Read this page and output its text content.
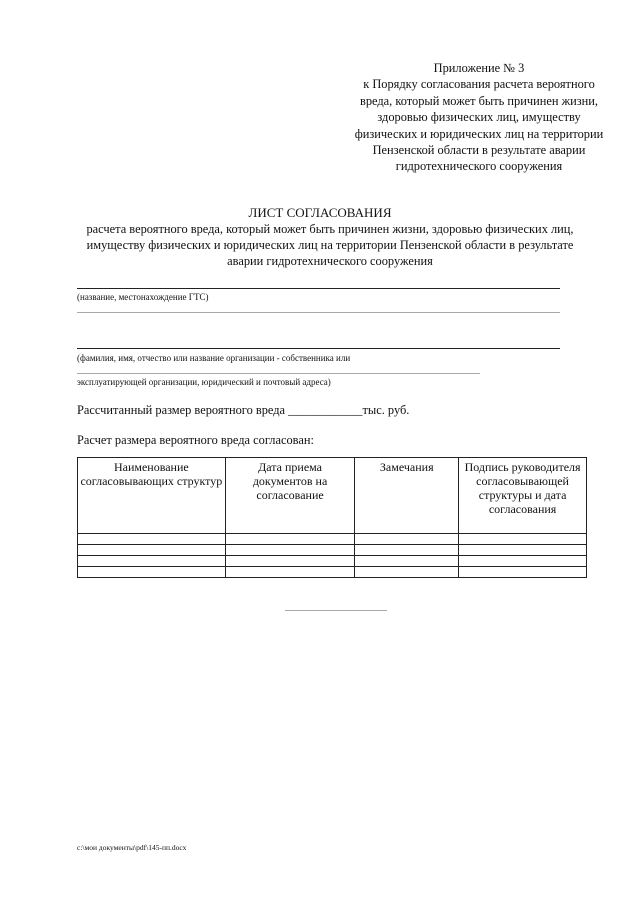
Приложение № 3
к Порядку согласования расчета вероятного
вреда, который может быть причинен жизни,
здоровью физических лиц, имуществу
физических и юридических лиц на территории
Пензенской области в результате аварии
гидротехнического сооружения
ЛИСТ СОГЛАСОВАНИЯ
расчета вероятного вреда, который может быть причинен жизни, здоровью физических лиц,
имуществу физических и юридических лиц на территории Пензенской области в результате
аварии гидротехнического сооружения
(название, местонахождение ГТС)
(фамилия, имя, отчество или название организации - собственника или
эксплуатирующей организации, юридический и почтовый адреса)
Рассчитанный размер вероятного вреда ____________тыс. руб.
Расчет размера вероятного вреда согласован:
Наименование согласовывающих структур	Дата приема документов на согласование	Замечания	Подпись руководителя согласовывающей структуры и дата согласования

c:\мои документы\pdf\145-пп.docx
